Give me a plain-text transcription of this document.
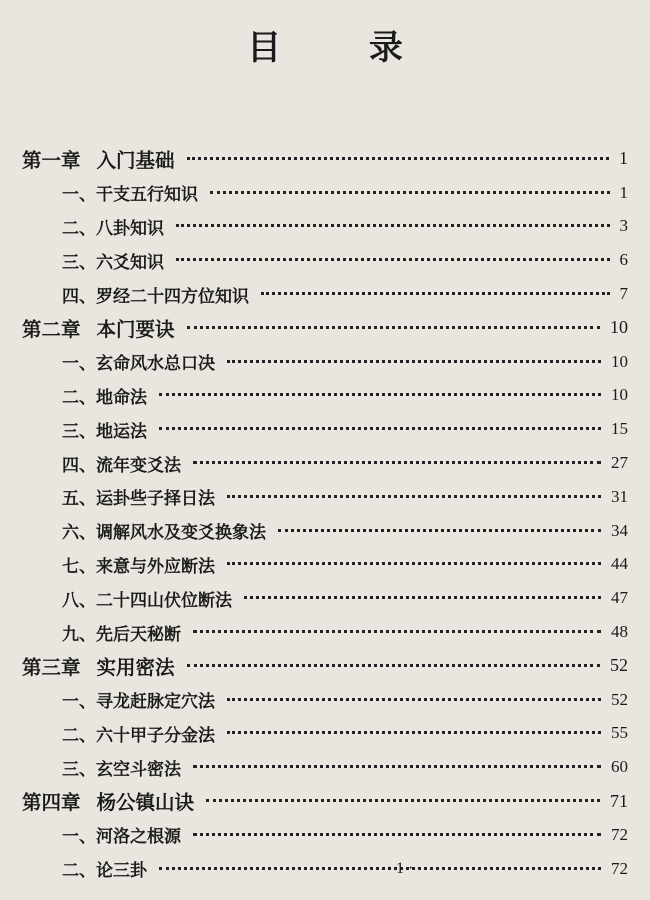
目 录
第一章 入门基础	1
一、干支五行知识	1
二、八卦知识	3
三、六爻知识	6
四、罗经二十四方位知识	7
第二章 本门要诀	10
一、玄命风水总口决	10
二、地命法	10
三、地运法	15
四、流年变爻法	27
五、运卦些子择日法	31
六、调解风水及变爻换象法	34
七、来意与外应断法	44
八、二十四山伏位断法	47
九、先后天秘断	48
第三章 实用密法	52
一、寻龙赶脉定穴法	52
二、六十甲子分金法	55
三、玄空斗密法	60
第四章 杨公镇山诀	71
一、河洛之根源	72
二、论三卦	72
· 1 ·
